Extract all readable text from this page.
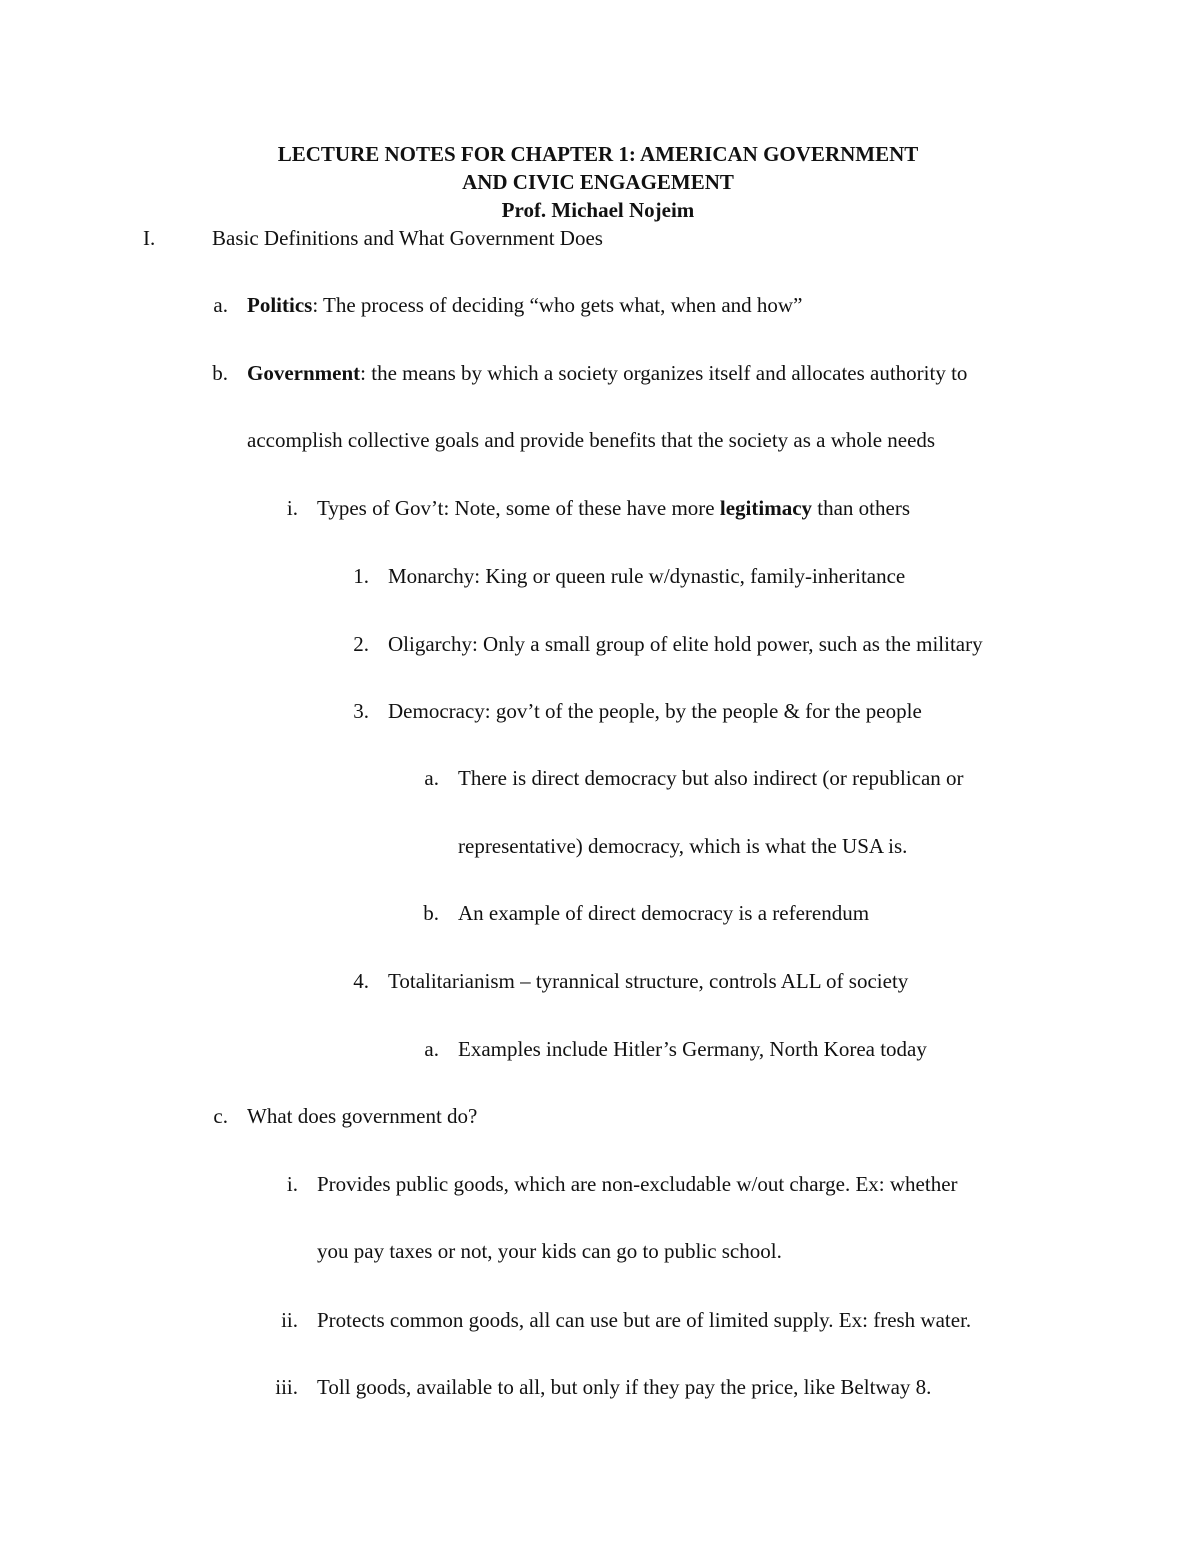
LECTURE NOTES FOR CHAPTER 1: AMERICAN GOVERNMENT
AND CIVIC ENGAGEMENT
Prof. Michael Nojeim
I.	Basic Definitions and What Government Does
a. Politics: The process of deciding “who gets what, when and how”
b. Government: the means by which a society organizes itself and allocates authority to
accomplish collective goals and provide benefits that the society as a whole needs
i. Types of Gov’t: Note, some of these have more legitimacy than others
1. Monarchy: King or queen rule w/dynastic, family-inheritance
2. Oligarchy: Only a small group of elite hold power, such as the military
3. Democracy: gov’t of the people, by the people & for the people
a. There is direct democracy but also indirect (or republican or
representative) democracy, which is what the USA is.
b. An example of direct democracy is a referendum
4. Totalitarianism – tyrannical structure, controls ALL of society
a. Examples include Hitler’s Germany, North Korea today
c. What does government do?
i. Provides public goods, which are non-excludable w/out charge. Ex: whether
you pay taxes or not, your kids can go to public school.
ii. Protects common goods, all can use but are of limited supply. Ex: fresh water.
iii. Toll goods, available to all, but only if they pay the price, like Beltway 8.
